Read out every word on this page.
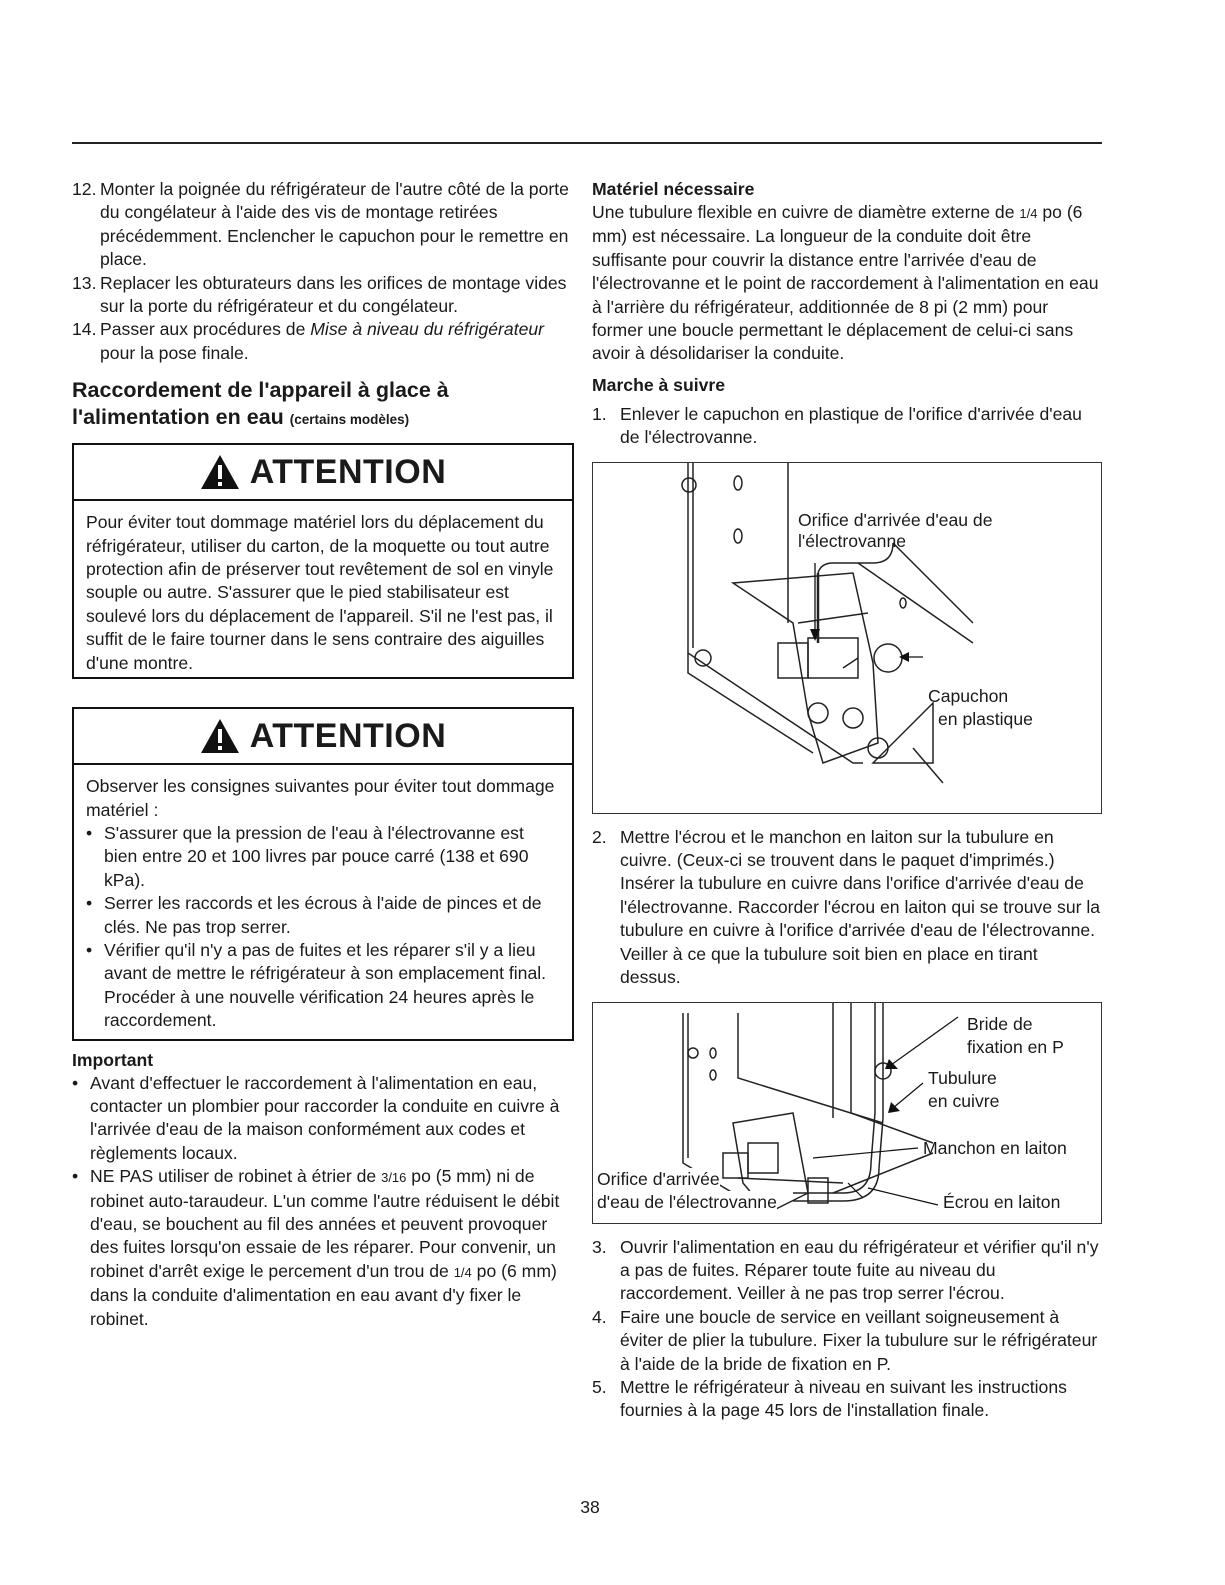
12. Monter la poignée du réfrigérateur de l'autre côté de la porte du congélateur à l'aide des vis de montage retirées précédemment. Enclencher le capuchon pour le remettre en place.
13. Replacer les obturateurs dans les orifices de montage vides sur la porte du réfrigérateur et du congélateur.
14. Passer aux procédures de Mise à niveau du réfrigérateur pour la pose finale.
Raccordement de l'appareil à glace à l'alimentation en eau (certains modèles)
ATTENTION

Pour éviter tout dommage matériel lors du déplacement du réfrigérateur, utiliser du carton, de la moquette ou tout autre protection afin de préserver tout revêtement de sol en vinyle souple ou autre. S'assurer que le pied stabilisateur est soulevé lors du déplacement de l'appareil. S'il ne l'est pas, il suffit de le faire tourner dans le sens contraire des aiguilles d'une montre.

ATTENTION

Observer les consignes suivantes pour éviter tout dommage matériel :

• S'assurer que la pression de l'eau à l'électrovanne est bien entre 20 et 100 livres par pouce carré (138 et 690 kPa).
• Serrer les raccords et les écrous à l'aide de pinces et de clés. Ne pas trop serrer.
• Vérifier qu'il n'y a pas de fuites et les réparer s'il y a lieu avant de mettre le réfrigérateur à son emplacement final. Procéder à une nouvelle vérification 24 heures après le raccordement.
Important
• Avant d'effectuer le raccordement à l'alimentation en eau, contacter un plombier pour raccorder la conduite en cuivre à l'arrivée d'eau de la maison conformément aux codes et règlements locaux.
• NE PAS utiliser de robinet à étrier de 3/16 po (5 mm) ni de robinet auto-taraudeur. L'un comme l'autre réduisent le débit d'eau, se bouchent au fil des années et peuvent provoquer des fuites lorsqu'on essaie de les réparer. Pour convenir, un robinet d'arrêt exige le percement d'un trou de 1/4 po (6 mm) dans la conduite d'alimentation en eau avant d'y fixer le robinet.
Matériel nécessaire

Une tubulure flexible en cuivre de diamètre externe de 1/4 po (6 mm) est nécessaire. La longueur de la conduite doit être suffisante pour couvrir la distance entre l'arrivée d'eau de l'électrovanne et le point de raccordement à l'alimentation en eau à l'arrière du réfrigérateur, additionnée de 8 pi (2 mm) pour former une boucle permettant le déplacement de celui-ci sans avoir à désolidariser la conduite.

Marche à suivre
1. Enlever le capuchon en plastique de l'orifice d'arrivée d'eau de l'électrovanne.
Orifice d'arrivée d'eau de
l'électrovanne
Capuchon
en plastique
2. Mettre l'écrou et le manchon en laiton sur la tubulure en cuivre. (Ceux-ci se trouvent dans le paquet d'imprimés.) Insérer la tubulure en cuivre dans l'orifice d'arrivée d'eau de l'électrovanne. Raccorder l'écrou en laiton qui se trouve sur la tubulure en cuivre à l'orifice d'arrivée d'eau de l'électrovanne. Veiller à ce que la tubulure soit bien en place en tirant dessus.
Bride de
fixation en P
Tubulure
en cuivre
Manchon en laiton
Orifice d'arrivée
d'eau de l'électrovanne	Écrou en laiton
3. Ouvrir l'alimentation en eau du réfrigérateur et vérifier qu'il n'y a pas de fuites. Réparer toute fuite au niveau du raccordement. Veiller à ne pas trop serrer l'écrou.
4. Faire une boucle de service en veillant soigneusement à éviter de plier la tubulure. Fixer la tubulure sur le réfrigérateur à l'aide de la bride de fixation en P.
5. Mettre le réfrigérateur à niveau en suivant les instructions fournies à la page 45 lors de l'installation finale.
38
